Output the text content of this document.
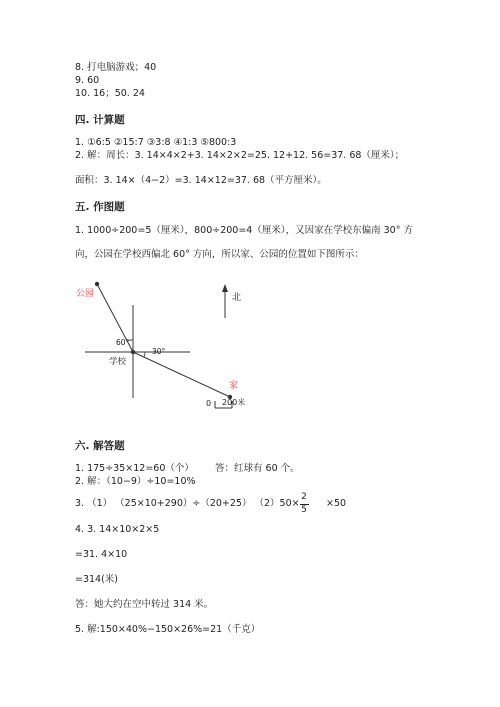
8. 打电脑游戏；40
9. 60
10. 16；50. 24
四. 计算题
1. ①6:5 ②15:7 ③3:8 ④1:3 ⑤800:3
2. 解：周长：3. 14×4×2+3. 14×2×2=25. 12+12. 56=37. 68（厘米）；
面积：3. 14×（4−2）=3. 14×12=37. 68（平方厘米）。
五. 作图题
1. 1000÷200=5（厘米），800÷200=4（厘米），又因家在学校东偏南 30° 方
向，公园在学校西偏北 60° 方向，所以家、公园的位置如下图所示：
公园	北
60°
30°
学校
家
0 200米
六. 解答题
1. 175÷35×12=60（个） 答：红球有 60 个。
2. 解：（10−9）÷10=10%
3. （1） （25×10+290）÷（20+25） （2）50×
2
5
×50
4. 3. 14×10×2×5
=31. 4×10
=314(米)
答：她大约在空中转过 314 米。
5. 解:150×40%−150×26%=21（千克）
